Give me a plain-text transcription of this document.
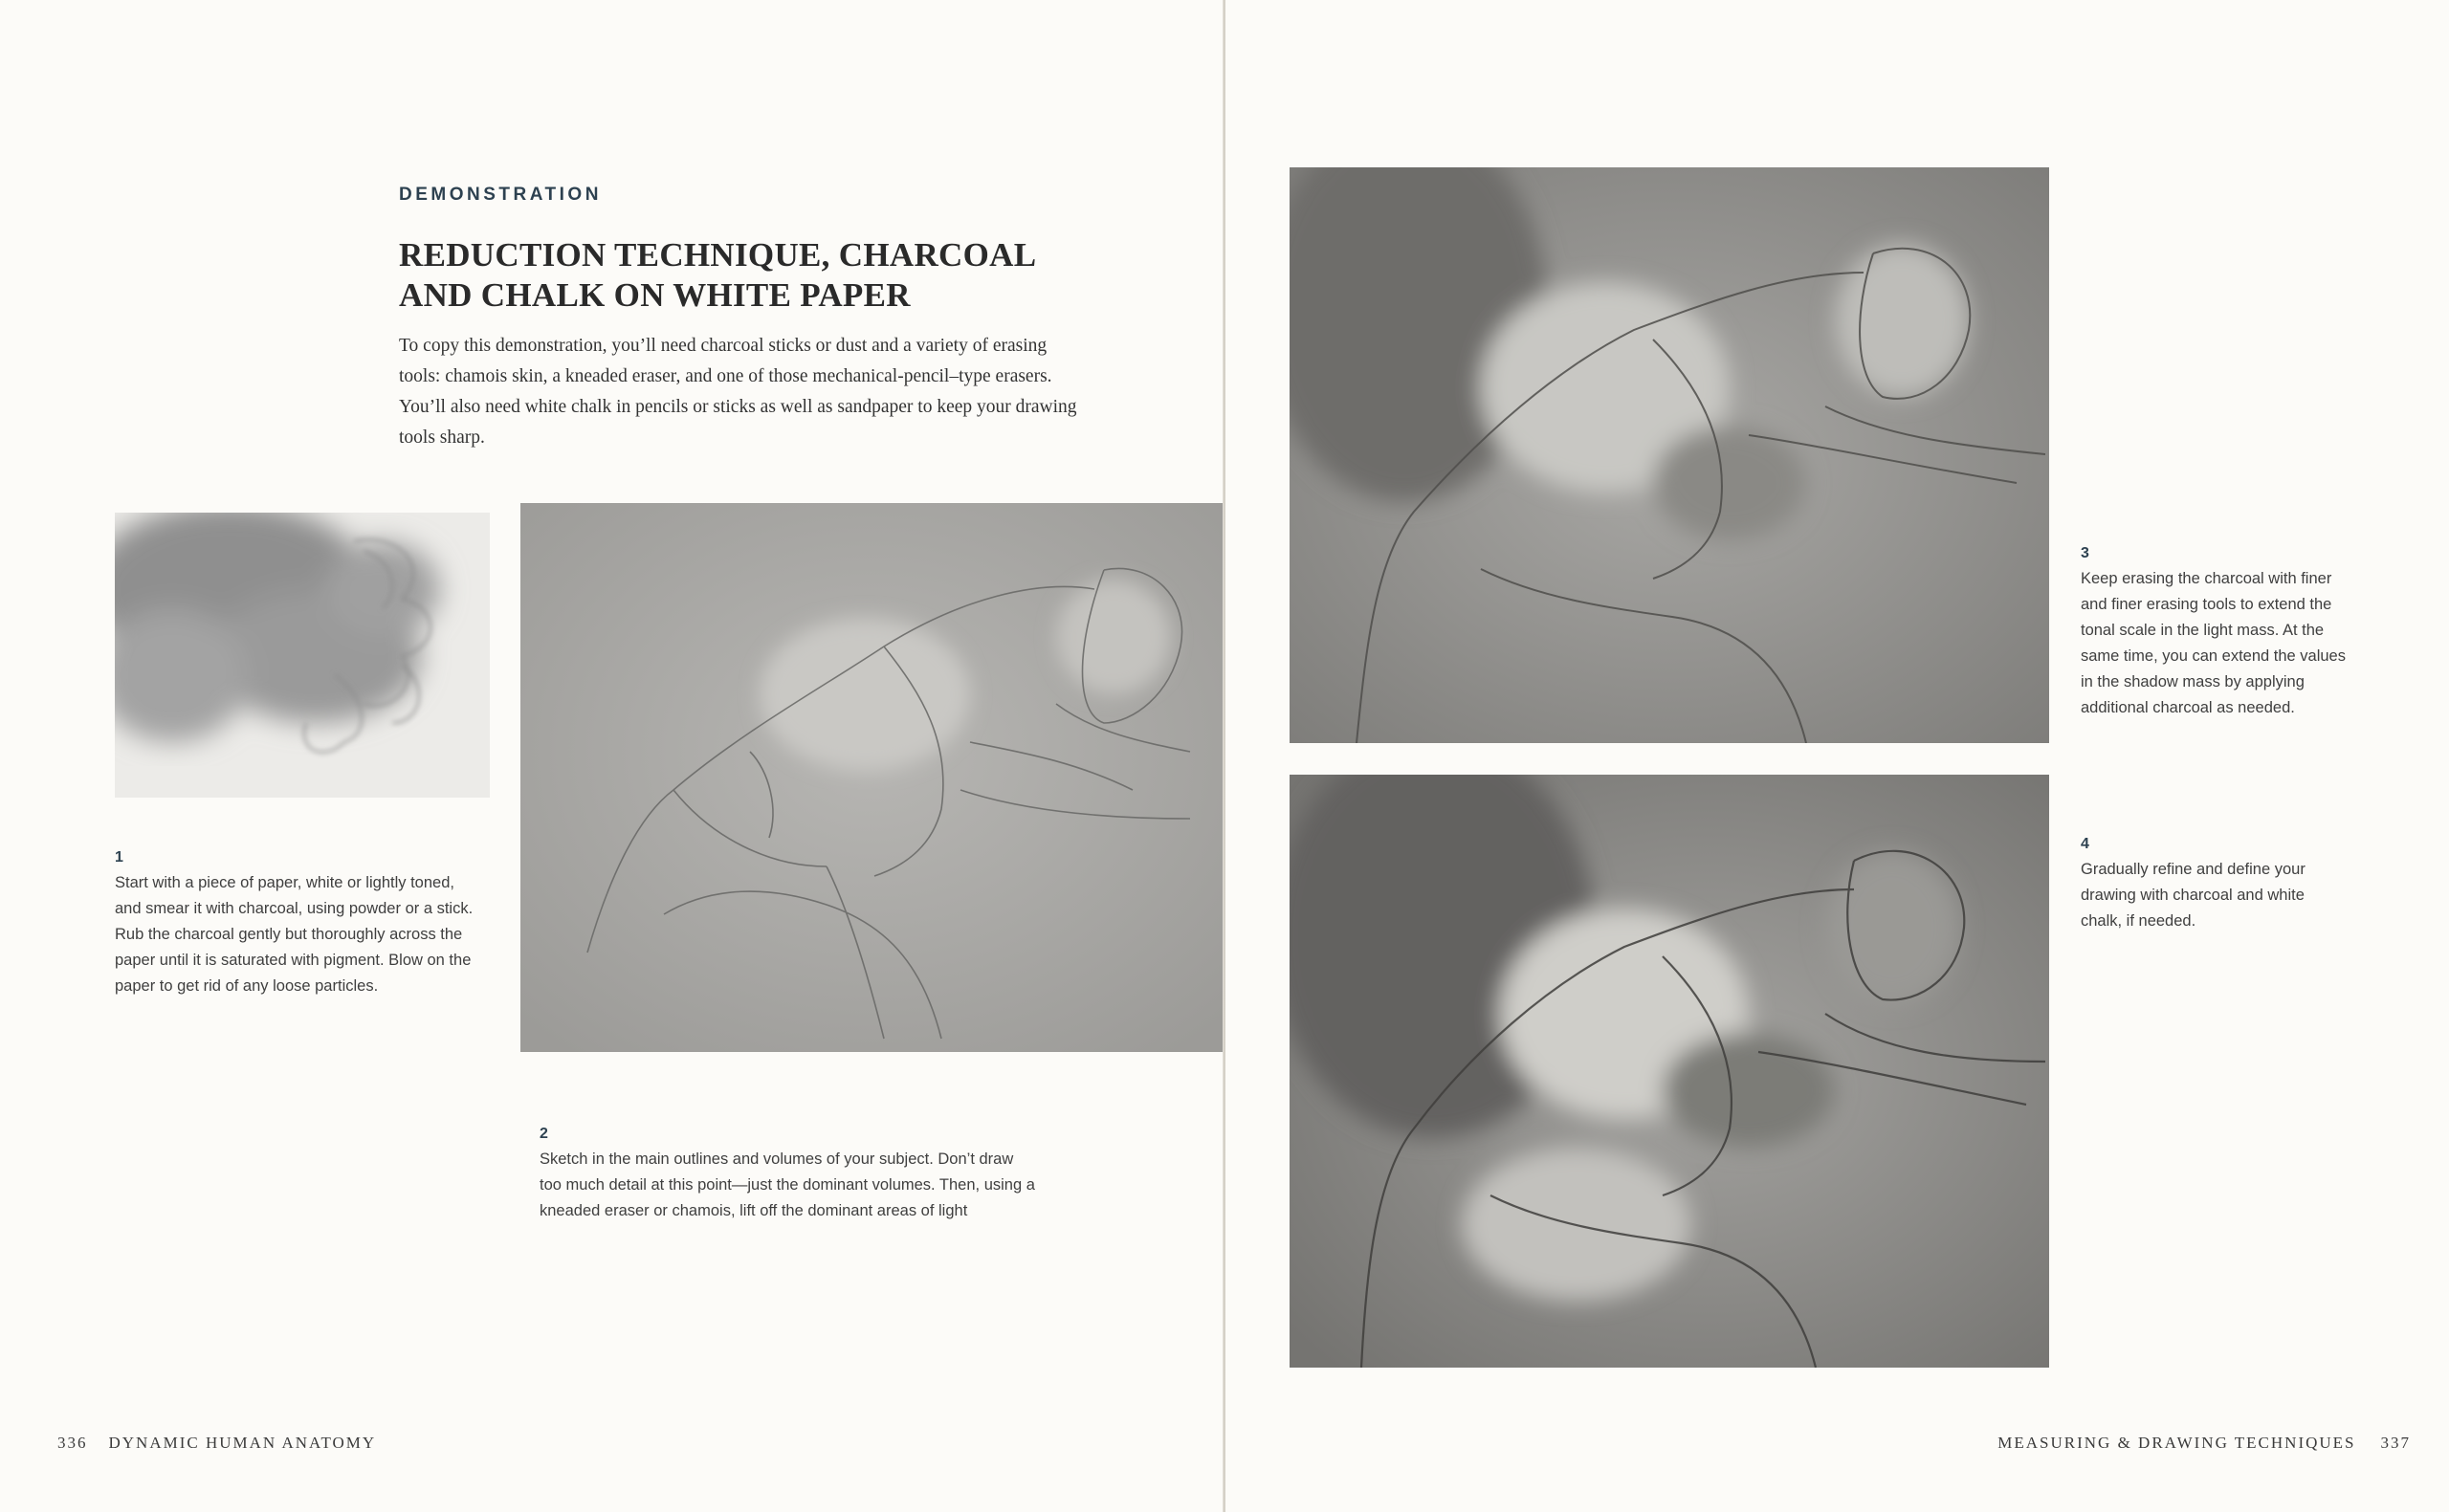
DEMONSTRATION
REDUCTION TECHNIQUE, CHARCOAL
AND CHALK ON WHITE PAPER

To copy this demonstration, you’ll need charcoal sticks or dust and a variety of erasing tools: chamois skin, a kneaded eraser, and one of those mechanical-pencil–type erasers. You’ll also need white chalk in pencils or sticks as well as sandpaper to keep your drawing tools sharp.

1
Start with a piece of paper, white or lightly toned, and smear it with charcoal, using powder or a stick. Rub the charcoal gently but thoroughly across the paper until it is saturated with pigment. Blow on the paper to get rid of any loose particles.
2
Sketch in the main outlines and volumes of your subject. Don’t draw too much detail at this point—just the dominant volumes. Then, using a kneaded eraser or chamois, lift off the dominant areas of light
336 DYNAMIC HUMAN ANATOMY
3
Keep erasing the charcoal with finer and finer erasing tools to extend the tonal scale in the light mass. At the same time, you can extend the values in the shadow mass by applying additional charcoal as needed.
4
Gradually refine and define your drawing with charcoal and white chalk, if needed.
MEASURING & DRAWING TECHNIQUES 337
